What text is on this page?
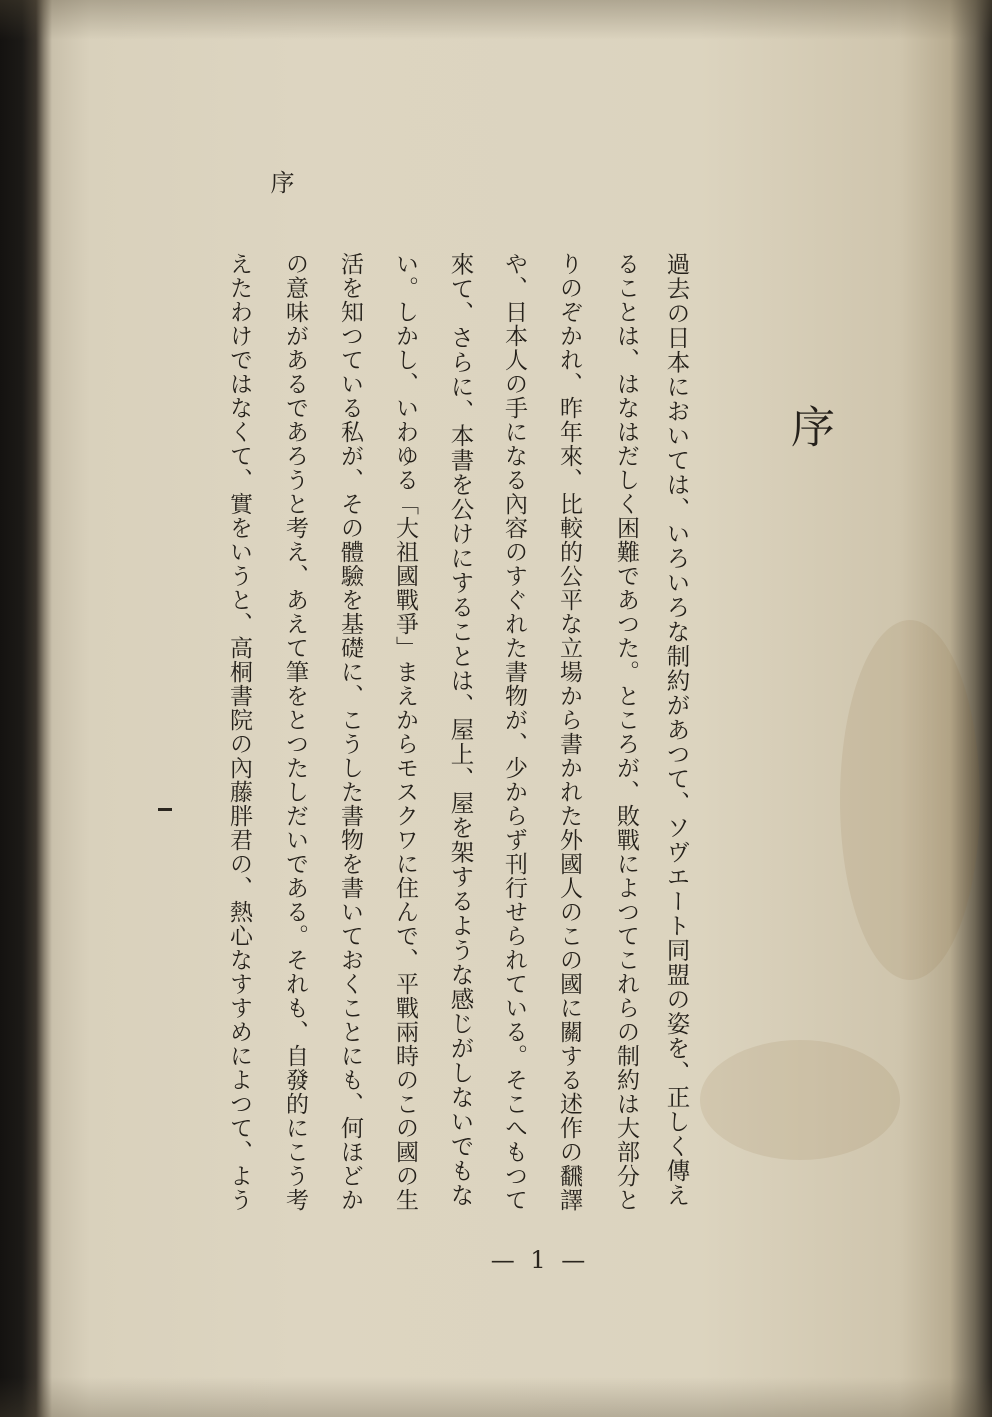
序
序
過去の日本においては、いろいろな制約があつて、ソヴエート同盟の姿を、正しく傳え
ることは、はなはだしく困難であつた。ところが、敗戰によつてこれらの制約は大部分と
りのぞかれ、昨年來、比較的公平な立場から書かれた外國人のこの國に關する述作の飜譯
や、日本人の手になる內容のすぐれた書物が、少からず刊行せられている。そこへもつて
來て、さらに、本書を公けにすることは、屋上、屋を架するような感じがしないでもな
い。しかし、いわゆる「大祖國戰爭」まえからモスクワに住んで、平戰兩時のこの國の生
活を知つている私が、その體驗を基礎に、こうした書物を書いておくことにも、何ほどか
の意味があるであろうと考え、あえて筆をとつたしだいである。それも、自發的にこう考
えたわけではなくて、實をいうと、高桐書院の內藤胖君の、熱心なすすめによつて、よう
— 1 —
